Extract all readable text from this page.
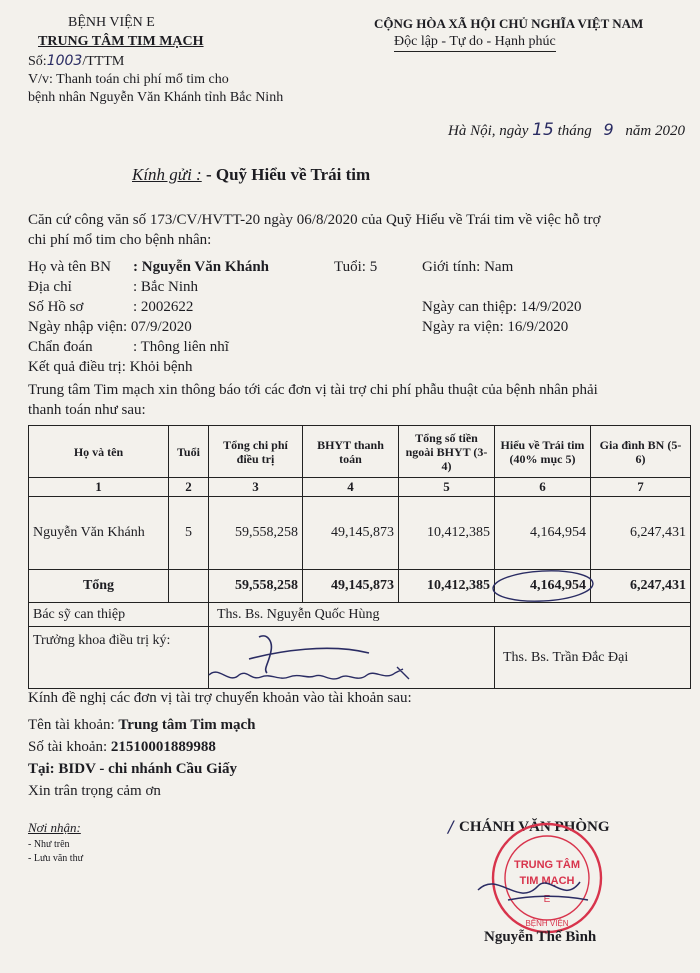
BỆNH VIỆN E
TRUNG TÂM TIM MẠCH
Số:1003/TTTM
V/v: Thanh toán chi phí mổ tim cho
bệnh nhân Nguyễn Văn Khánh tỉnh Bắc Ninh
CỘNG HÒA XÃ HỘI CHỦ NGHĨA VIỆT NAM
Độc lập - Tự do - Hạnh phúc
Hà Nội, ngày 15 tháng 9 năm 2020
Kính gửi : - Quỹ Hiểu về Trái tim
Căn cứ công văn số 173/CV/HVTT-20 ngày 06/8/2020 của Quỹ Hiểu về Trái tim về việc hỗ trợ
chi phí mổ tim cho bệnh nhân:
Họ và tên BN : Nguyễn Văn Khánh	Tuổi: 5	Giới tính: Nam
Địa chỉ	: Bắc Ninh
Số Hồ sơ	: 2002622	Ngày can thiệp: 14/9/2020
Ngày nhập viện: 07/9/2020	Ngày ra viện: 16/9/2020
Chẩn đoán	: Thông liên nhĩ
Kết quả điều trị: Khỏi bệnh
Trung tâm Tim mạch xin thông báo tới các đơn vị tài trợ chi phí phẫu thuật của bệnh nhân phải
thanh toán như sau:
Họ và tên	Tuổi	Tổng chi phí điều trị	BHYT thanh toán	Tổng số tiền ngoài BHYT (3-4)	Hiểu về Trái tim (40% mục 5)	Gia đình BN (5-6)
1	2	3	4	5	6	7
Nguyễn Văn Khánh	5	59,558,258	49,145,873	10,412,385	4,164,954	6,247,431
Tổng		59,558,258	49,145,873	10,412,385	4,164,954	6,247,431
Bác sỹ can thiệp		Ths. Bs. Nguyễn Quốc Hùng				
Trưởng khoa điều trị ký:					Ths. Bs. Trần Đắc Đại	
Kính đề nghị các đơn vị tài trợ chuyển khoản vào tài khoản sau:
Tên tài khoản: Trung tâm Tim mạch
Số tài khoản: 21510001889988
Tại: BIDV - chi nhánh Cầu Giấy
Xin trân trọng cảm ơn
Nơi nhận:
- Như trên
- Lưu văn thư
/ CHÁNH VĂN PHÒNG
TRUNG TÂM
TIM MẠCH
BỆNH VIỆN
E
Nguyễn Thế Bình
